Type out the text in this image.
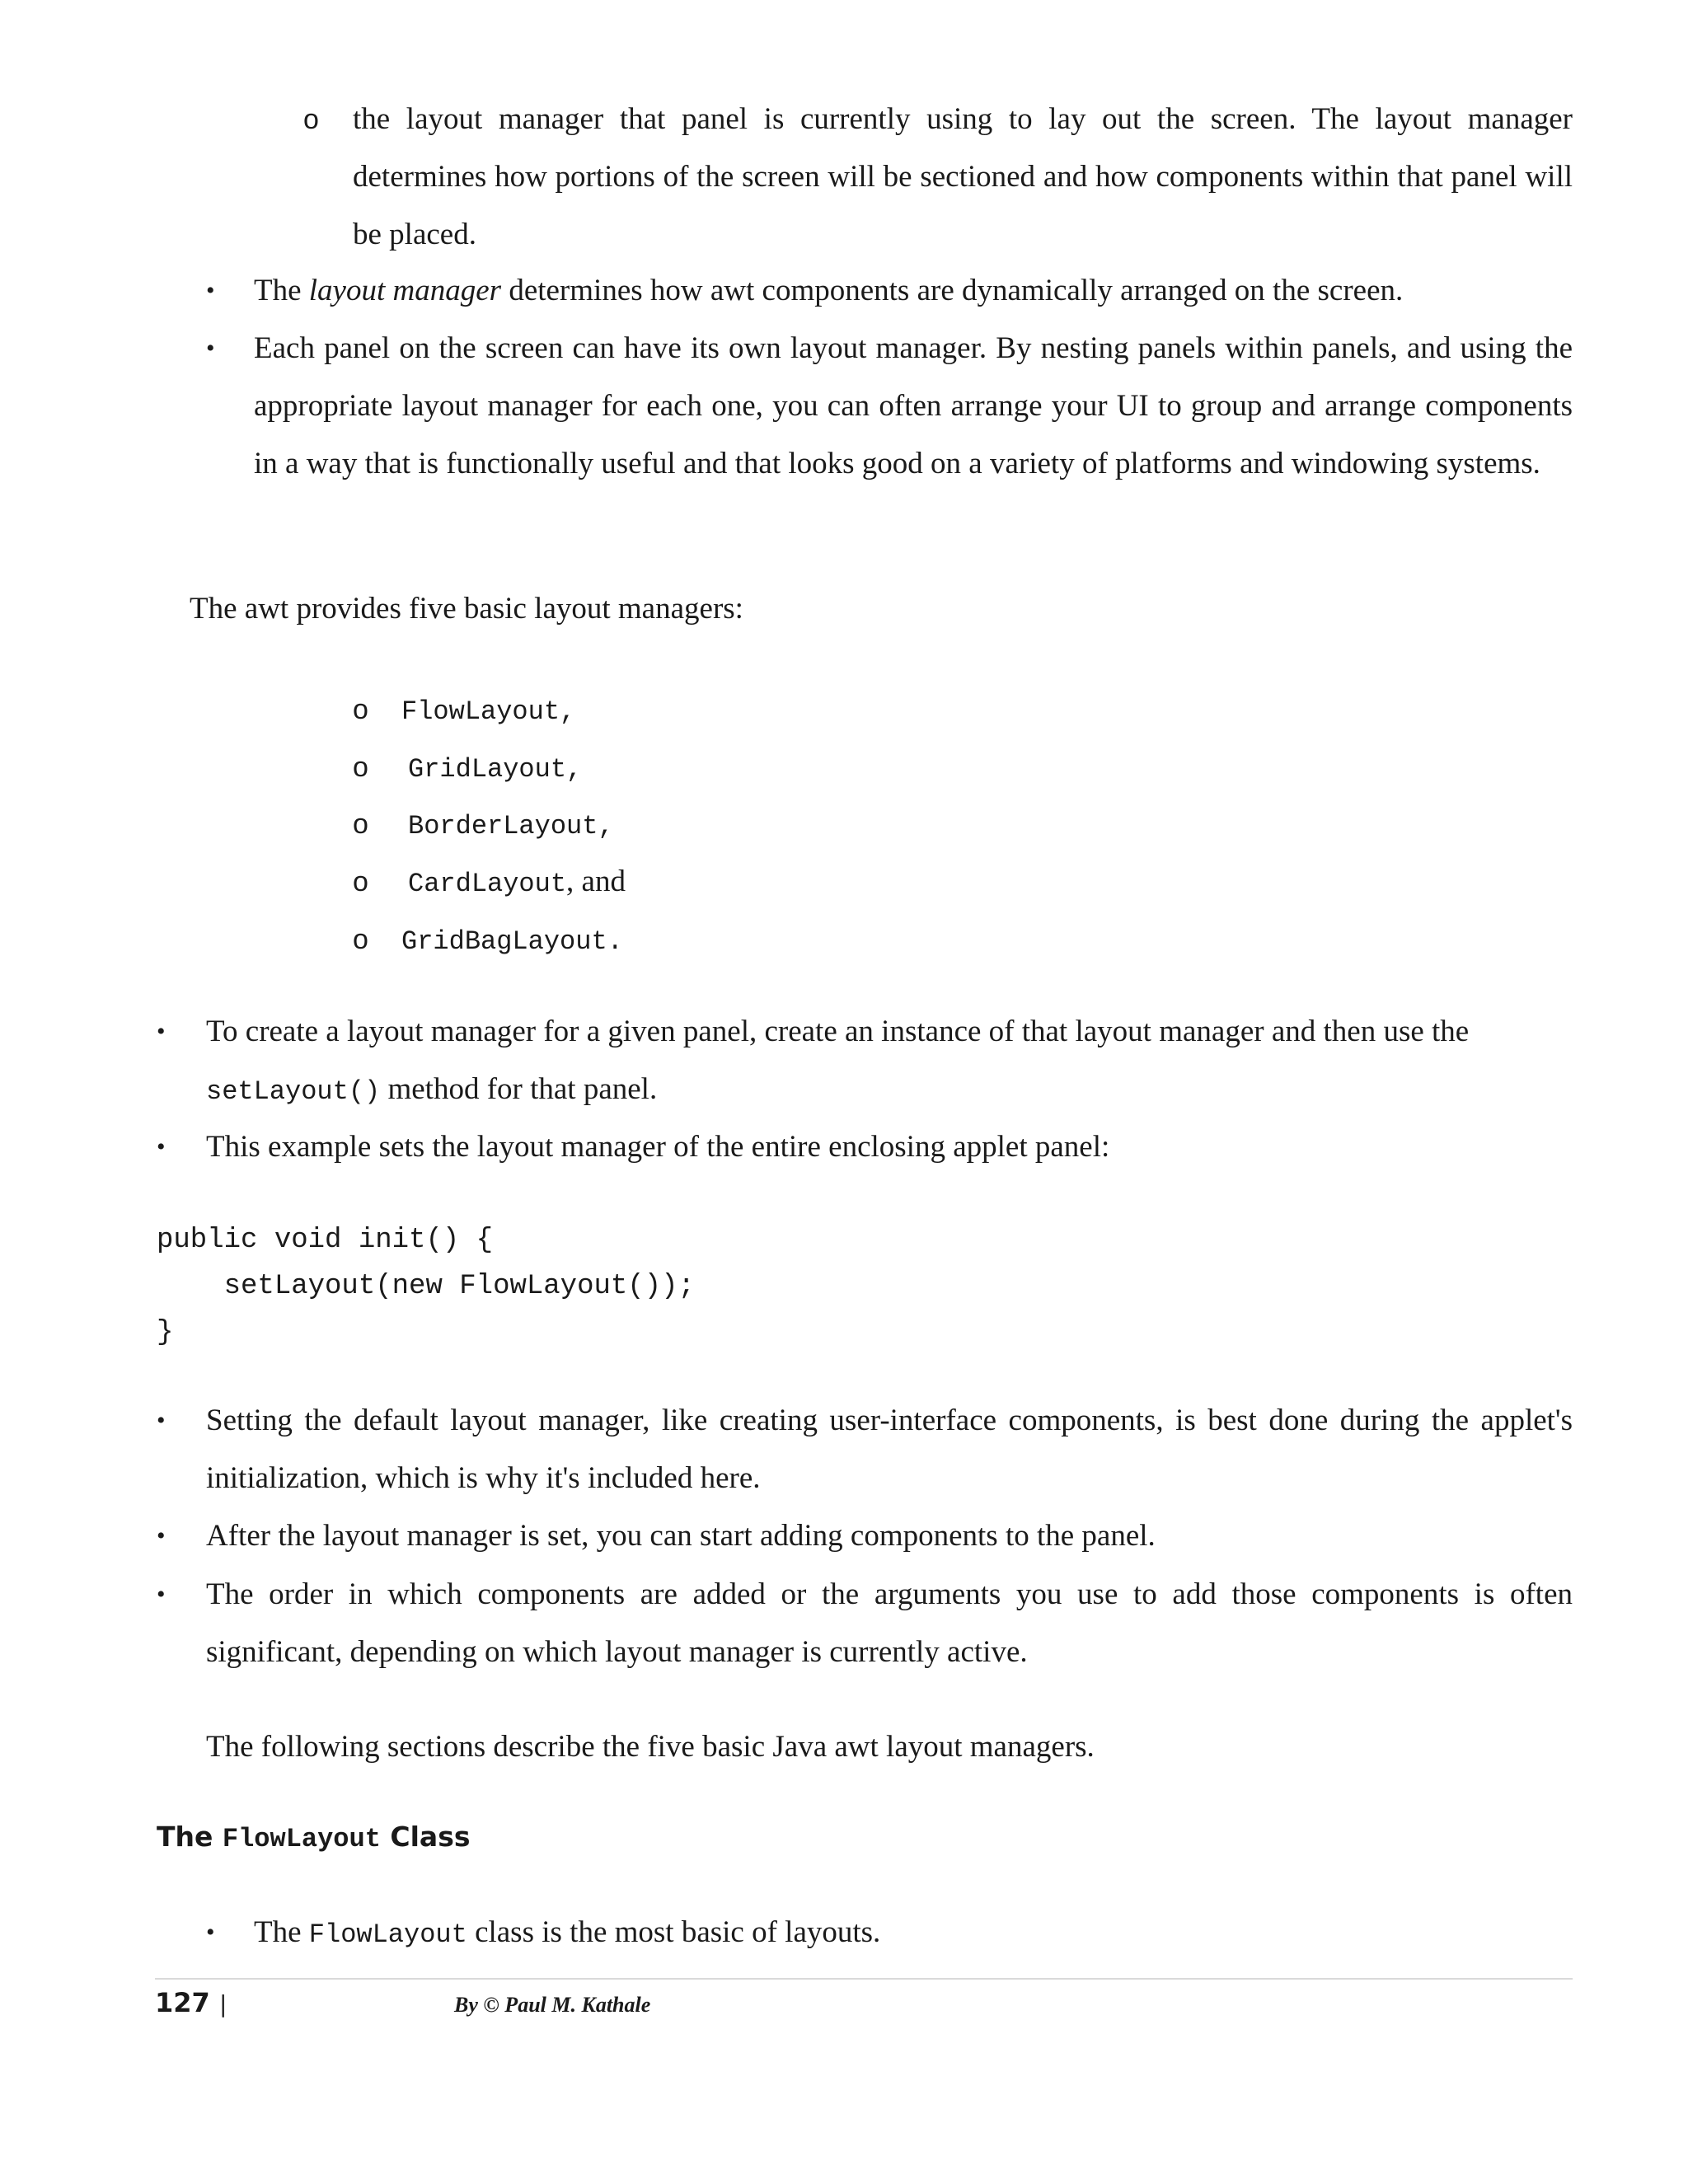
o the layout manager that panel is currently using to lay out the screen. The layout manager determines how portions of the screen will be sectioned and how components within that panel will be placed.
• The layout manager determines how awt components are dynamically arranged on the screen.
• Each panel on the screen can have its own layout manager. By nesting panels within panels, and using the appropriate layout manager for each one, you can often arrange your UI to group and arrange components in a way that is functionally useful and that looks good on a variety of platforms and windowing systems.
The awt provides five basic layout managers:
o FlowLayout,
o GridLayout,
o BorderLayout,
o CardLayout, and
o GridBagLayout.
• To create a layout manager for a given panel, create an instance of that layout manager and then use the
setLayout() method for that panel.
• This example sets the layout manager of the entire enclosing applet panel:
public void init() {
setLayout(new FlowLayout());
}
• Setting the default layout manager, like creating user-interface components, is best done during the applet's initialization, which is why it's included here.
• After the layout manager is set, you can start adding components to the panel.
• The order in which components are added or the arguments you use to add those components is often significant, depending on which layout manager is currently active.
The following sections describe the five basic Java awt layout managers.
The FlowLayout Class
• The FlowLayout class is the most basic of layouts.
127 |	By © Paul M. Kathale
